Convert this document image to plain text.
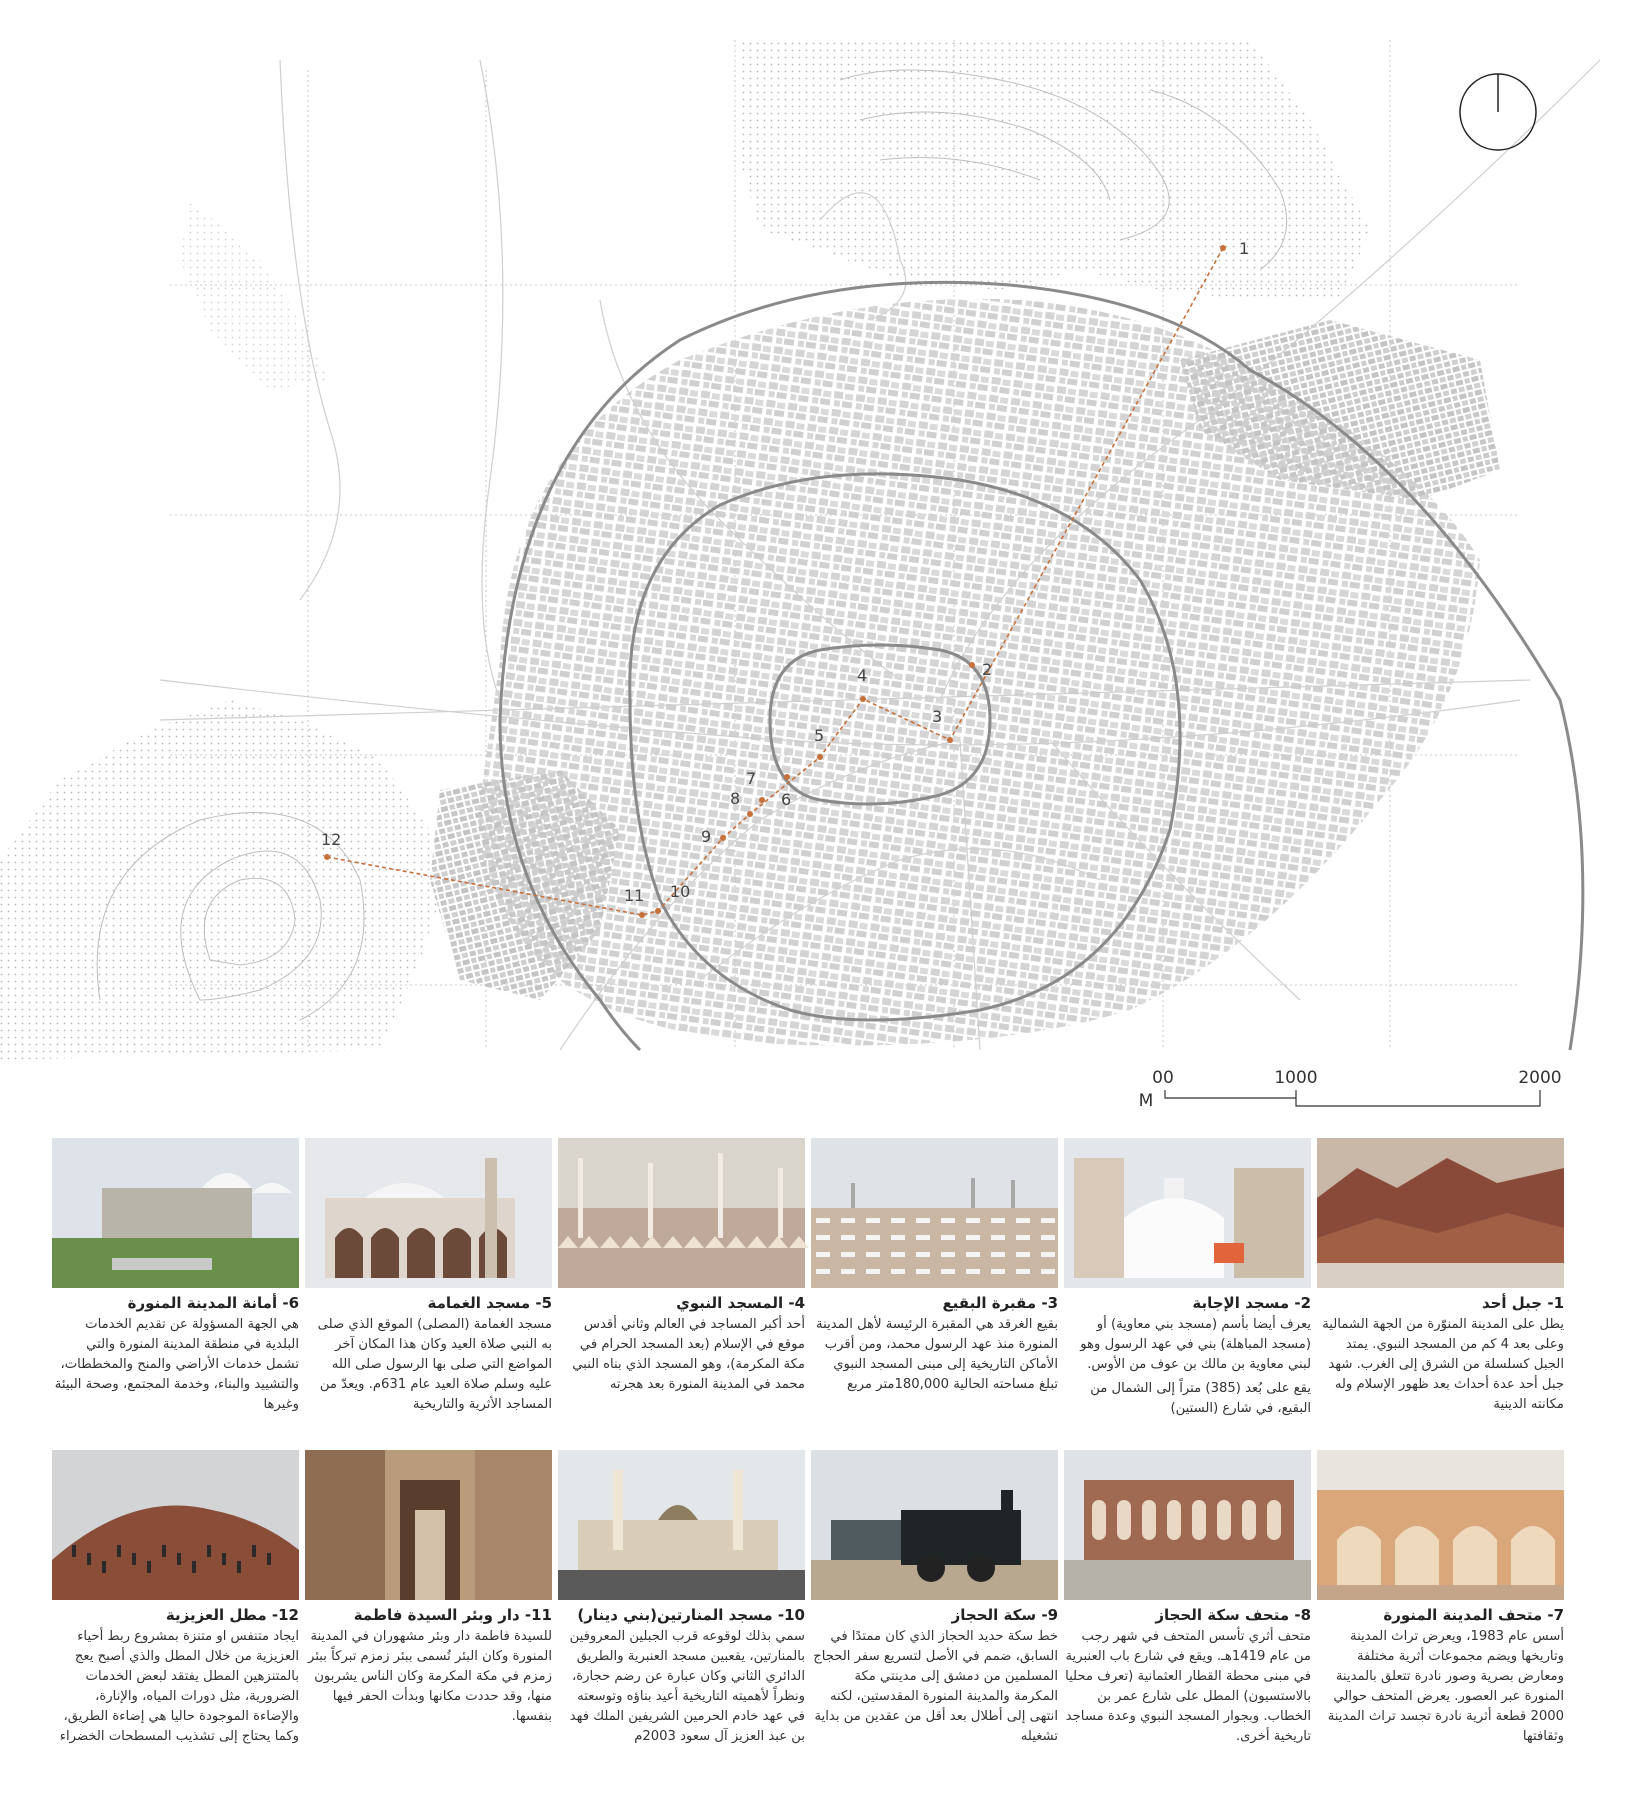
1
2
3
4
5
6
7
8
9
10
11
12
00	1000	2000
M
1- جبل أحد

يطل على المدينة المنوّرة من الجهة الشمالية وعلى بعد 4 كم من المسجد النبوي. يمتد الجبل كسلسلة من الشرق إلى الغرب. شهد جبل أحد عدة أحداث بعد ظهور الإسلام وله مكانته الدينية

2- مسجد الإجابة

يعرف أيضا بأسم (مسجد بني معاوية) أو (مسجد المباهلة) بني في عهد الرسول وهو لبني معاوية بن مالك بن عوف من الأوس.

يقع على بُعد (385) متراً إلى الشمال من البقيع، في شارع (الستين)

3- مقبرة البقيع

بقيع الغرقد هي المقبرة الرئيسة لأهل المدينة المنورة منذ عهد الرسول محمد، ومن أقرب الأماكن التاريخية إلى مبنى المسجد النبوي تبلغ مساحته الحالية 180,000متر مربع

4- المسجد النبوي

أحد أكبر المساجد في العالم وثاني أقدس موقع في الإسلام (بعد المسجد الحرام في مكة المكرمة)، وهو المسجد الذي بناه النبي محمد في المدينة المنورة بعد هجرته

5- مسجد الغمامة

مسجد الغمامة (المصلى) الموقع الذي صلى به النبي صلاة العيد وكان هذا المكان آخر المواضع التي صلى بها الرسول صلى الله عليه وسلم صلاة العيد عام 631م. ويعدّ من المساجد الأثرية والتاريخية

6- أمانة المدينة المنورة

هي الجهة المسؤولة عن تقديم الخدمات البلدية في منطقة المدينة المنورة والتي تشمل خدمات الأراضي والمنح والمخططات، والتشييد والبناء، وخدمة المجتمع، وصحة البيئة وغيرها

7- متحف المدينة المنورة

أسس عام 1983، ويعرض تراث المدينة وتاريخها ويضم مجموعات أثرية مختلفة ومعارض بصرية وصور نادرة تتعلق بالمدينة المنورة عبر العصور. يعرض المتحف حوالي 2000 قطعة أثرية نادرة تجسد تراث المدينة وثقافتها

8- متحف سكة الحجاز

متحف أثري تأسس المتحف في شهر رجب من عام 1419هـ. ويقع في شارع باب العنبرية في مبنى محطة القطار العثمانية (تعرف محليا بالاستسيون) المطل على شارع عمر بن الخطاب. وبجوار المسجد النبوي وعدة مساجد تاريخية أخرى.

9- سكة الحجاز

خط سكة حديد الحجاز الذي كان ممتدًا في السابق، ضمم في الأصل لتسريع سفر الحجاج المسلمين من دمشق إلى مدينتي مكة المكرمة والمدينة المنورة المقدستين، لكنه انتهى إلى أطلال بعد أقل من عقدين من بداية تشغيله

10- مسجد المنارتين(بني دينار)

سمي بذلك لوقوعه قرب الجبلين المعروفين بالمنارتين، يقعبين مسجد العنبرية والطريق الدائري الثاني وكان عبارة عن رضم حجارة، ونظراً لأهميته التاريخية أعيد بناؤه وتوسعته في عهد خادم الحرمين الشريفين الملك فهد بن عبد العزيز آل سعود 2003م

11- دار وبئر السيدة فاطمة

للسيدة فاطمة دار وبئر مشهوران في المدينة المنورة وكان البئر تُسمى ببئر زمزم تبركاً ببئر زمزم في مكة المكرمة وكان الناس يشربون منها، وقد حددت مكانها وبدأت الحفر فيها بنفسها.

12- مطل العزيزية

ايجاد متنفس او متنزة بمشروع ربط أحياء العزيزية من خلال المطل والذي أصبح يعج بالمتنزهين المطل يفتقد لبعض الخدمات الضرورية، مثل دورات المياه، والإنارة، والإضاءة الموجودة حاليا هي إضاءة الطريق، وكما يحتاج إلى تشذيب المسطحات الخضراء
